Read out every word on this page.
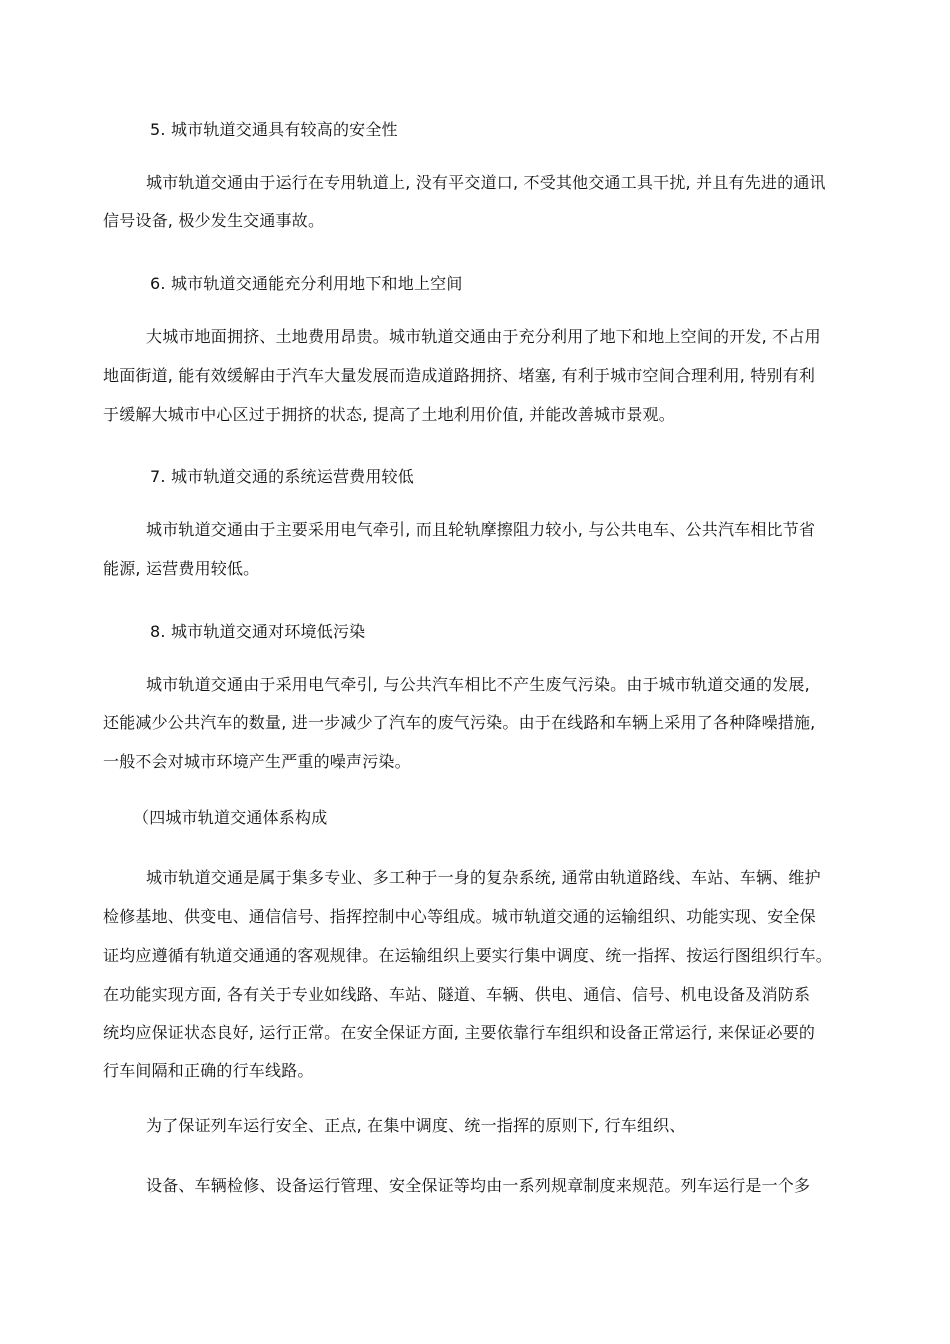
5. 城市轨道交通具有较高的安全性
城市轨道交通由于运行在专用轨道上, 没有平交道口, 不受其他交通工具干扰, 并且有先进的通讯
信号设备, 极少发生交通事故。
6. 城市轨道交通能充分利用地下和地上空间
大城市地面拥挤、土地费用昂贵。城市轨道交通由于充分利用了地下和地上空间的开发, 不占用
地面街道, 能有效缓解由于汽车大量发展而造成道路拥挤、堵塞, 有利于城市空间合理利用, 特别有利
于缓解大城市中心区过于拥挤的状态, 提高了土地利用价值, 并能改善城市景观。
7. 城市轨道交通的系统运营费用较低
城市轨道交通由于主要采用电气牵引, 而且轮轨摩擦阻力较小, 与公共电车、公共汽车相比节省
能源, 运营费用较低。
8. 城市轨道交通对环境低污染
城市轨道交通由于采用电气牵引, 与公共汽车相比不产生废气污染。由于城市轨道交通的发展,
还能减少公共汽车的数量, 进一步减少了汽车的废气污染。由于在线路和车辆上采用了各种降噪措施,
一般不会对城市环境产生严重的噪声污染。
（四城市轨道交通体系构成
城市轨道交通是属于集多专业、多工种于一身的复杂系统, 通常由轨道路线、车站、车辆、维护
检修基地、供变电、通信信号、指挥控制中心等组成。城市轨道交通的运输组织、功能实现、安全保
证均应遵循有轨道交通通的客观规律。在运输组织上要实行集中调度、统一指挥、按运行图组织行车。
在功能实现方面, 各有关于专业如线路、车站、隧道、车辆、供电、通信、信号、机电设备及消防系
统均应保证状态良好, 运行正常。在安全保证方面, 主要依靠行车组织和设备正常运行, 来保证必要的
行车间隔和正确的行车线路。
为了保证列车运行安全、正点, 在集中调度、统一指挥的原则下, 行车组织、
设备、车辆检修、设备运行管理、安全保证等均由一系列规章制度来规范。列车运行是一个多
